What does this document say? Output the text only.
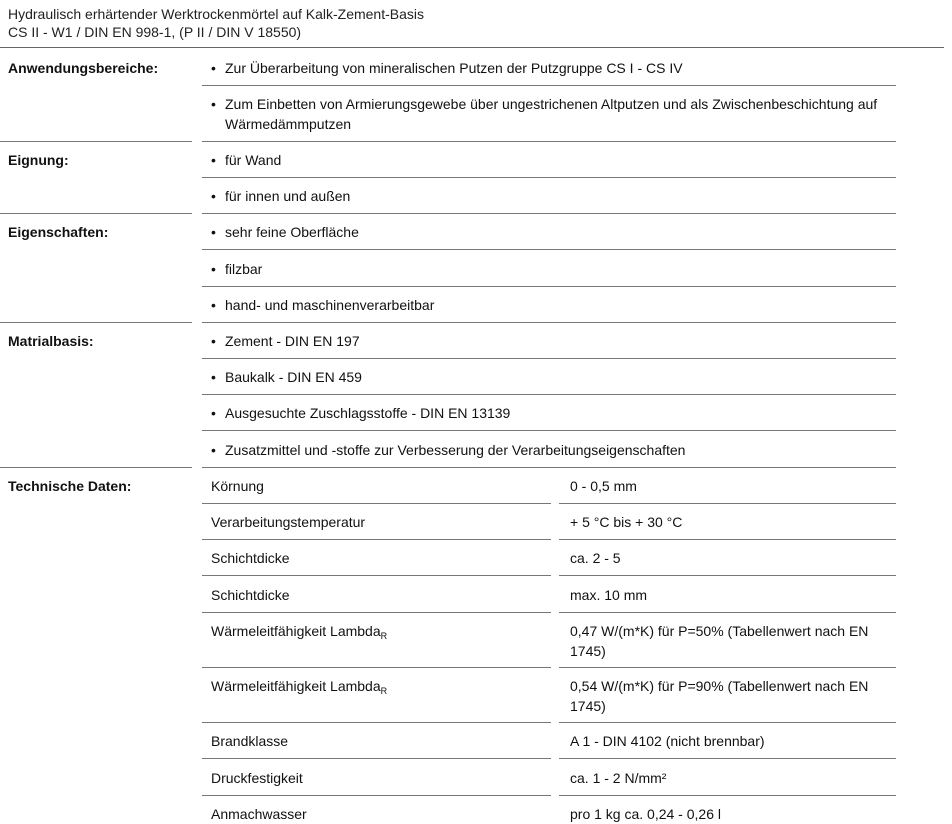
Hydraulisch erhärtender Werktrockenmörtel auf Kalk-Zement-Basis
CS II - W1 / DIN EN 998-1, (P II / DIN V 18550)
Anwendungsbereiche:	• Zur Überarbeitung von mineralischen Putzen der Putzgruppe CS I - CS IV
• Zum Einbetten von Armierungsgewebe über ungestrichenen Altputzen und als Zwischenbeschichtung auf Wärmedämmputzen
Eignung:	• für Wand
• für innen und außen
Eigenschaften:	• sehr feine Oberfläche
• filzbar
• hand- und maschinenverarbeitbar
Matrialbasis:	• Zement - DIN EN 197
• Baukalk - DIN EN 459
• Ausgesuchte Zuschlagsstoffe - DIN EN 13139
• Zusatzmittel und -stoffe zur Verbesserung der Verarbeitungseigenschaften
Technische Daten:	Körnung	0 - 0,5 mm
Verarbeitungstemperatur	+ 5 °C bis + 30 °C
Schichtdicke	ca. 2 - 5
Schichtdicke	max. 10 mm
Wärmeleitfähigkeit Lambda$_R$	0,47 W/(m*K) für P=50% (Tabellenwert nach EN 1745)
Wärmeleitfähigkeit Lambda$_R$	0,54 W/(m*K) für P=90% (Tabellenwert nach EN 1745)
Brandklasse	A 1 - DIN 4102 (nicht brennbar)
Druckfestigkeit	ca. 1 - 2 N/mm²
Anmachwasser	pro 1 kg ca. 0,24 - 0,26 l
